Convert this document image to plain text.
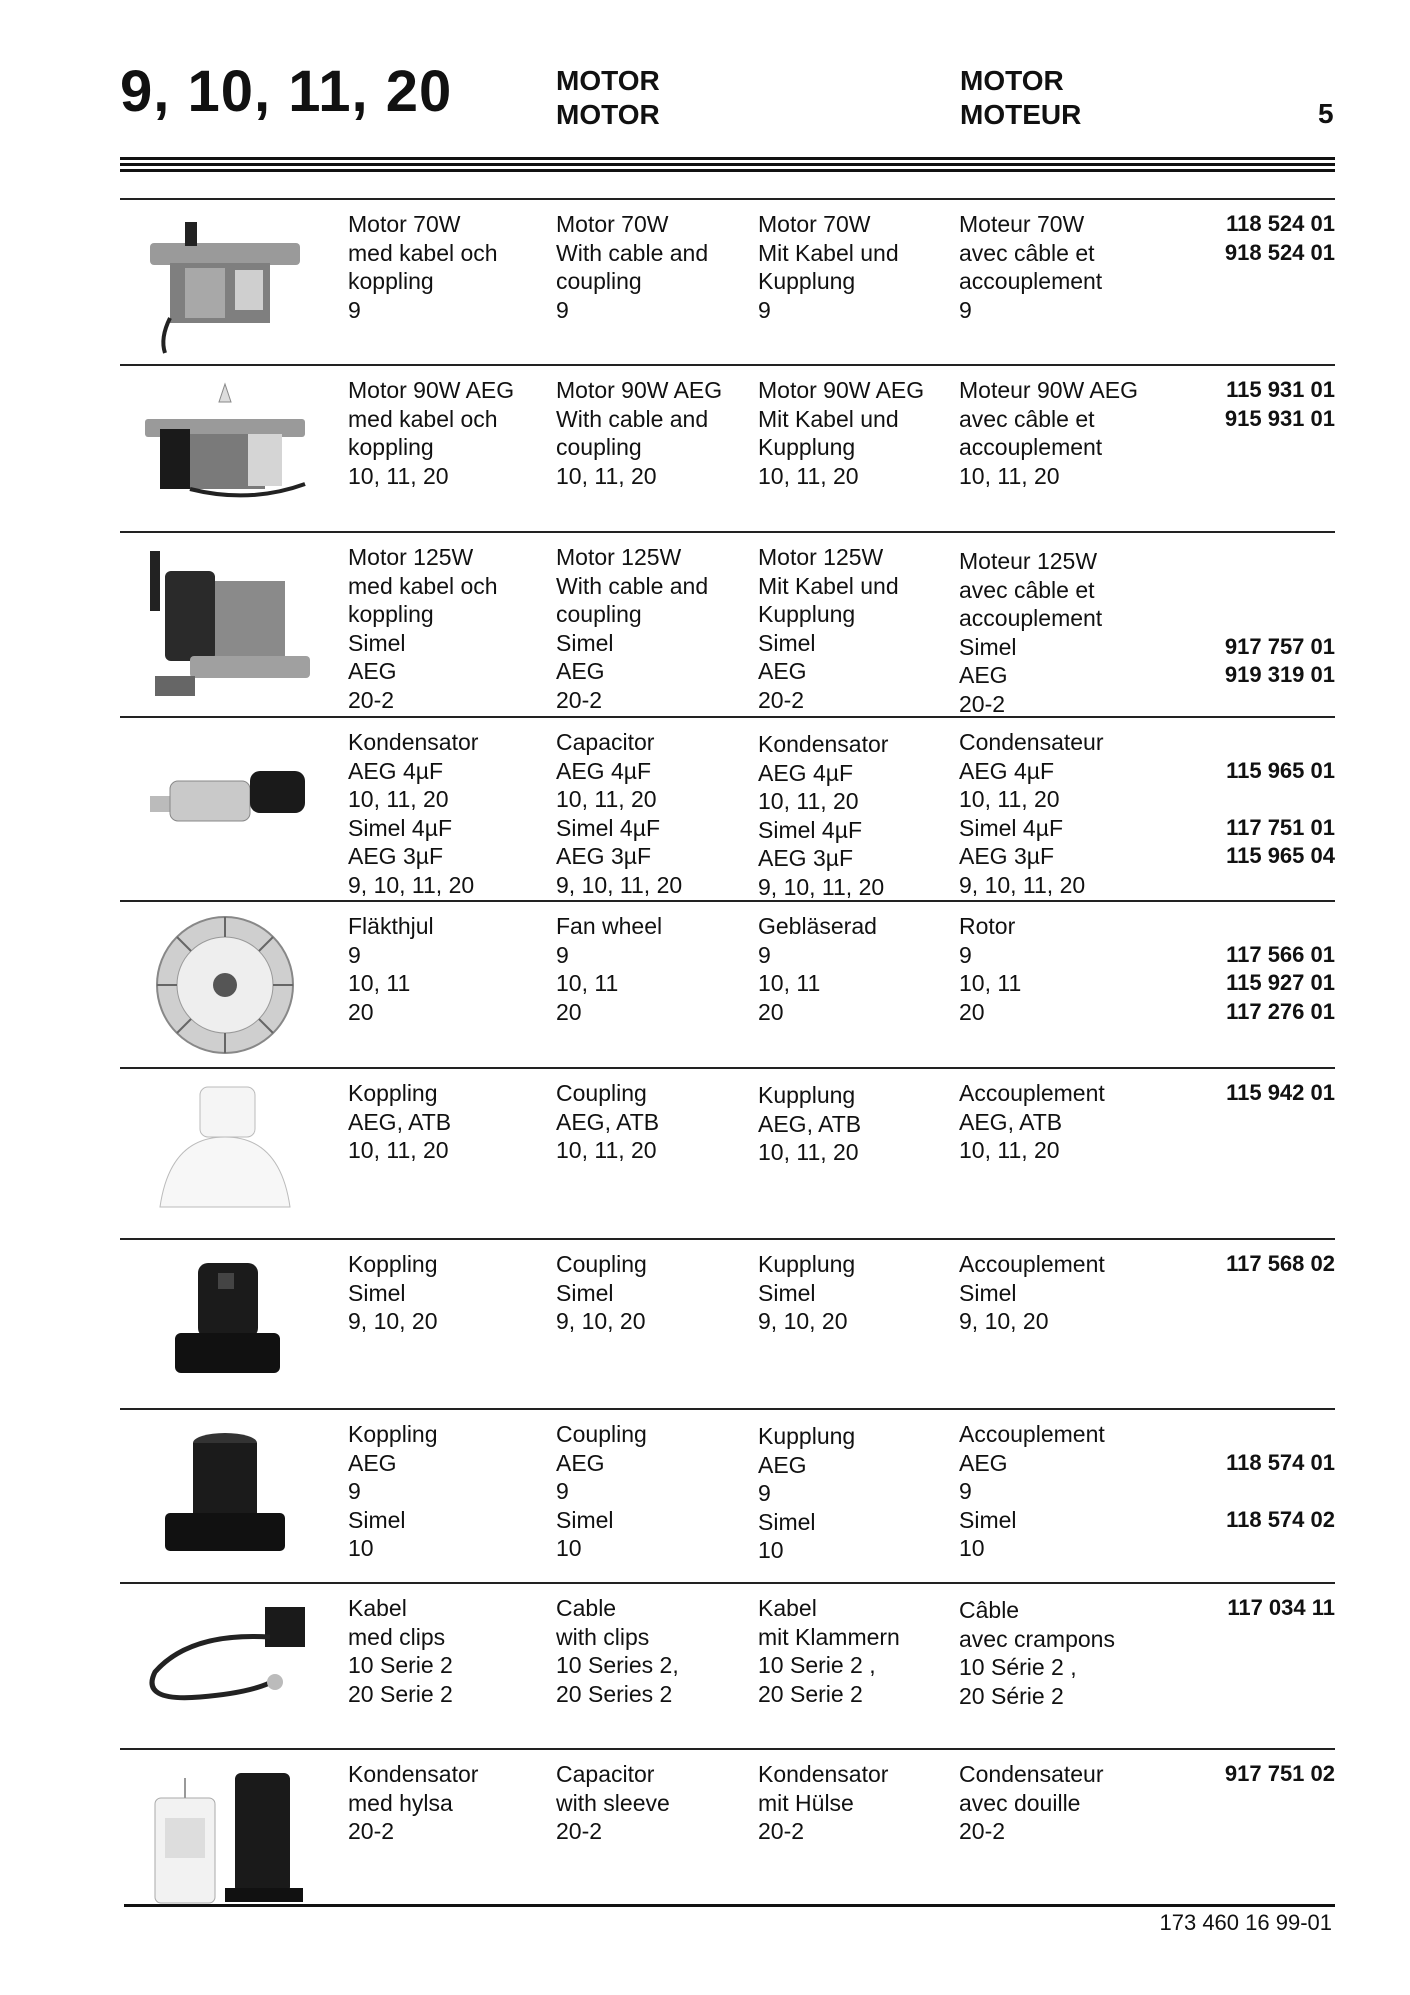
9, 10, 11, 20	MOTOR
MOTOR
MOTOR
MOTEUR	5
Motor 70W
med kabel och
koppling
9
Motor 70W
With cable and
coupling
9
Motor 70W
Mit Kabel und
Kupplung
9
Moteur 70W
avec câble et
accouplement
9
118 524 01
918 524 01
Motor 90W AEG
med kabel och
koppling
10, 11, 20
Motor 90W AEG
With cable and
coupling
10, 11, 20
Motor 90W AEG
Mit Kabel und
Kupplung
10, 11, 20
Moteur 90W AEG
avec câble et
accouplement
10, 11, 20
115 931 01
915 931 01
Motor 125W
med kabel och
koppling
Simel
AEG
20-2
Motor 125W
With cable and
coupling
Simel
AEG
20-2
Motor 125W
Mit Kabel und
Kupplung
Simel
AEG
20-2
Moteur 125W
avec câble et
accouplement
Simel
AEG
20-2

917 757 01
919 319 01

Kondensator
AEG 4µF
10, 11, 20
Simel 4µF
AEG 3µF
9, 10, 11, 20
Capacitor
AEG 4µF
10, 11, 20
Simel 4µF
AEG 3µF
9, 10, 11, 20
Kondensator
AEG 4µF
10, 11, 20
Simel 4µF
AEG 3µF
9, 10, 11, 20
Condensateur
AEG 4µF
10, 11, 20
Simel 4µF
AEG 3µF
9, 10, 11, 20

115 965 01

117 751 01
115 965 04

Fläkthjul
9
10, 11
20
Fan wheel
9
10, 11
20
Gebläserad
9
10, 11
20
Rotor
9
10, 11
20

117 566 01
115 927 01
117 276 01
Koppling
AEG, ATB
10, 11, 20
Coupling
AEG, ATB
10, 11, 20
Kupplung
AEG, ATB
10, 11, 20
Accouplement
AEG, ATB
10, 11, 20
115 942 01
Koppling
Simel
9, 10, 20
Coupling
Simel
9, 10, 20
Kupplung
Simel
9, 10, 20
Accouplement
Simel
9, 10, 20
117 568 02
Koppling
AEG
9
Simel
10
Coupling
AEG
9
Simel
10
Kupplung
AEG
9
Simel
10
Accouplement
AEG
9
Simel
10

118 574 01

118 574 02

Kabel
med clips
10 Serie 2
20 Serie 2
Cable
with clips
10 Series 2,
20 Series 2
Kabel
mit Klammern
10 Serie 2 ,
20 Serie 2
Câble
avec crampons
10 Série 2 ,
20 Série 2
117 034 11
Kondensator
med hylsa
20-2
Capacitor
with sleeve
20-2
Kondensator
mit Hülse
20-2
Condensateur
avec douille
20-2
917 751 02
173 460 16 99-01
